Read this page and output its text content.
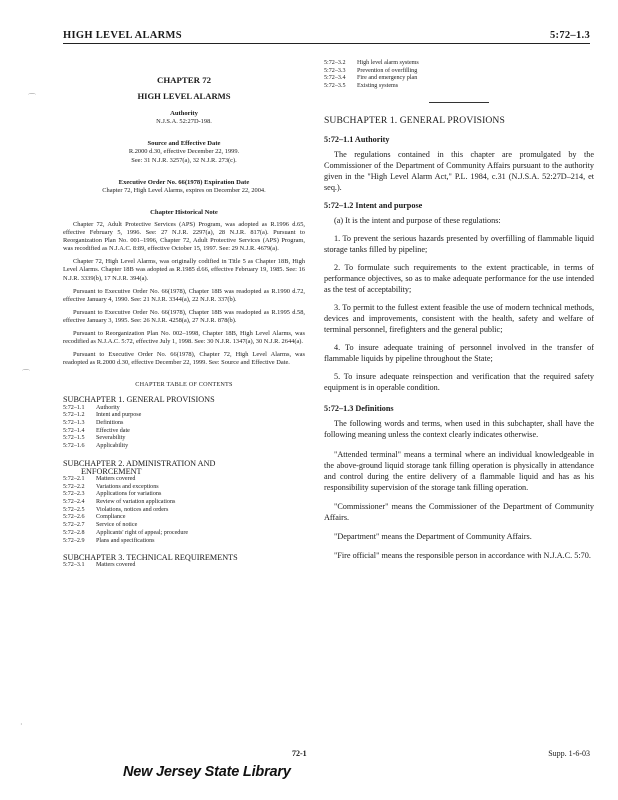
HIGH LEVEL ALARMS	5:72–1.3
CHAPTER 72
HIGH LEVEL ALARMS
Authority
N.J.S.A. 52:27D-198.
Source and Effective Date
R.2000 d.30, effective December 22, 1999.
See: 31 N.J.R. 3257(a), 32 N.J.R. 273(c).
Executive Order No. 66(1978) Expiration Date
Chapter 72, High Level Alarms, expires on December 22, 2004.
Chapter Historical Note

Chapter 72, Adult Protective Services (APS) Program, was adopted as R.1996 d.65, effective February 5, 1996. See: 27 N.J.R. 2297(a), 28 N.J.R. 817(a). Pursuant to Reorganization Plan No. 001–1996, Chapter 72, Adult Protective Services (APS) Program, was recodified as N.J.A.C. 8:89, effective October 15, 1997. See: 29 N.J.R. 4679(a).

Chapter 72, High Level Alarms, was originally codified in Title 5 as Chapter 18B, High Level Alarms. Chapter 18B was adopted as R.1985 d.66, effective February 19, 1985. See: 16 N.J.R. 3339(b), 17 N.J.R. 394(a).

Pursuant to Executive Order No. 66(1978), Chapter 18B was readopted as R.1990 d.72, effective January 4, 1990. See: 21 N.J.R. 3344(a), 22 N.J.R. 337(b).

Pursuant to Executive Order No. 66(1978), Chapter 18B was readopted as R.1995 d.58, effective January 3, 1995. See: 26 N.J.R. 4258(a), 27 N.J.R. 878(b).

Pursuant to Reorganization Plan No. 002–1998, Chapter 18B, High Level Alarms, was recodified as N.J.A.C. 5:72, effective July 1, 1998. See: 30 N.J.R. 1347(a), 30 N.J.R. 2644(a).

Pursuant to Executive Order No. 66(1978), Chapter 72, High Level Alarms, was readopted as R.2000 d.30, effective December 22, 1999. See: Source and Effective Date.

CHAPTER TABLE OF CONTENTS
SUBCHAPTER 1. GENERAL PROVISIONS
5:72–1.1	Authority
5:72–1.2	Intent and purpose
5:72–1.3	Definitions
5:72–1.4	Effective date
5:72–1.5	Severability
5:72–1.6	Applicability
SUBCHAPTER 2. ADMINISTRATION AND
ENFORCEMENT
5:72–2.1	Matters covered
5:72–2.2	Variations and exceptions
5:72–2.3	Applications for variations
5:72–2.4	Review of variation applications
5:72–2.5	Violations, notices and orders
5:72–2.6	Compliance
5:72–2.7	Service of notice
5:72–2.8	Applicants' right of appeal; procedure
5:72–2.9	Plans and specifications
SUBCHAPTER 3. TECHNICAL REQUIREMENTS
5:72–3.1	Matters covered
5:72–3.2	High level alarm systems
5:72–3.3	Prevention of overfilling
5:72–3.4	Fire and emergency plan
5:72–3.5	Existing systems
SUBCHAPTER 1. GENERAL PROVISIONS
5:72–1.1 Authority

The regulations contained in this chapter are promulgated by the Commissioner of the Department of Community Affairs pursuant to the authority given in the "High Level Alarm Act," P.L. 1984, c.31 (N.J.S.A. 52:27D–214, et seq.).

5:72–1.2 Intent and purpose

(a) It is the intent and purpose of these regulations:

1. To prevent the serious hazards presented by overfilling of flammable liquid storage tanks filled by pipeline;

2. To formulate such requirements to the extent practicable, in terms of performance objectives, so as to make adequate performance for the use intended as the test of acceptability;

3. To permit to the fullest extent feasible the use of modern technical methods, devices and improvements, consistent with the health, safety and welfare of terminal personnel, firefighters and the general public;

4. To insure adequate training of personnel involved in the transfer of flammable liquids by pipeline throughout the State;

5. To insure adequate reinspection and verification that the required safety equipment is in operable condition.

5:72–1.3 Definitions

The following words and terms, when used in this subchapter, shall have the following meaning unless the context clearly indicates otherwise.

"Attended terminal" means a terminal where an individual knowledgeable in the above-ground liquid storage tank filling operation is physically in attendance and control during the entire delivery of a flammable liquid and has as his responsibility supervision of the storage tank filling operation.

"Commissioner" means the Commissioner of the Department of Community Affairs.

"Department" means the Department of Community Affairs.

"Fire official" means the responsible person in accordance with N.J.A.C. 5:70.

72-1	Supp. 1-6-03
New Jersey State Library
⌒
⌒
·
